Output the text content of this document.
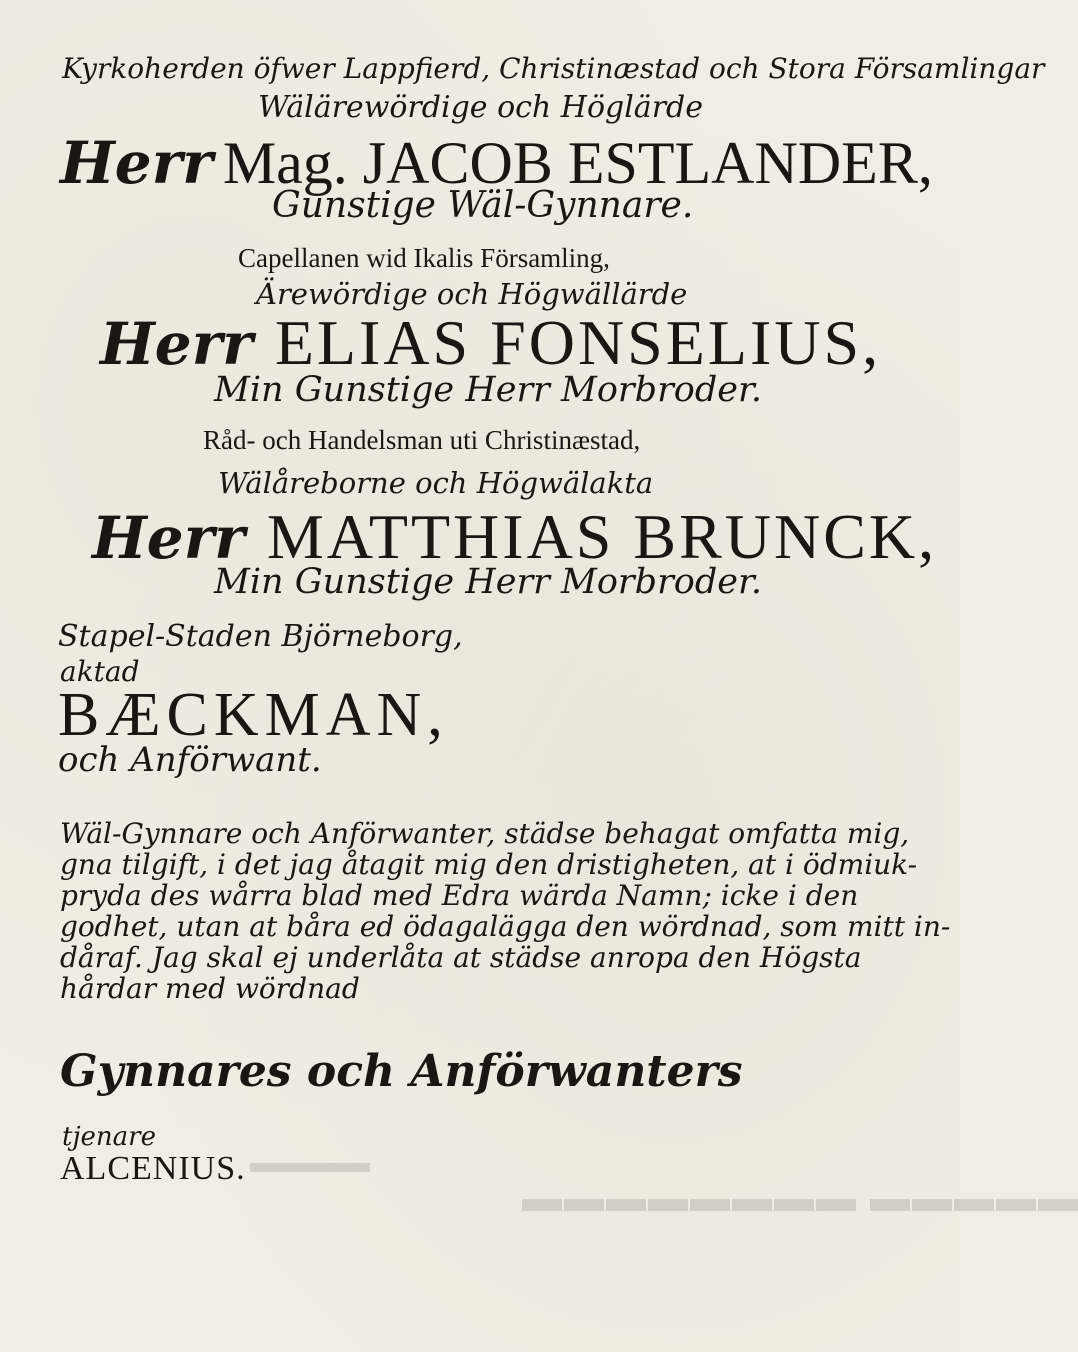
Kyrkoherden öfwer Lappfierd, Christinæstad och Stora Församlingar
Wälärewördige och Höglärde
Herr Mag. JACOB ESTLANDER,
Gunstige Wäl-Gynnare.
Capellanen wid Ikalis Församling,
Ärewördige och Högwällärde
Herr ELIAS FONSELIUS,
Min Gunstige Herr Morbroder.
Råd- och Handelsman uti Christinæstad,
Wälåreborne och Högwälakta
Herr MATTHIAS BRUNCK,
Min Gunstige Herr Morbroder.
Stapel-Staden Björneborg,
aktad
BÆCKMAN,
och Anförwant.
Wäl-Gynnare och Anförwanter, städse behagat omfatta mig,
gna tilgift, i det jag åtagit mig den dristigheten, at i ödmiuk-
pryda des wårra blad med Edra wärda Namn; icke i den
godhet, utan at båra ed ödagalägga den wördnad, som mitt in-
dåraf. Jag skal ej underlåta at städse anropa den Högsta
hårdar med wördnad
Gynnares och Anförwanters
tjenare
ALCENIUS.
▬▬▬▬▬ ▬▬▬▬▬▬▬▬
▬▬▬▬
